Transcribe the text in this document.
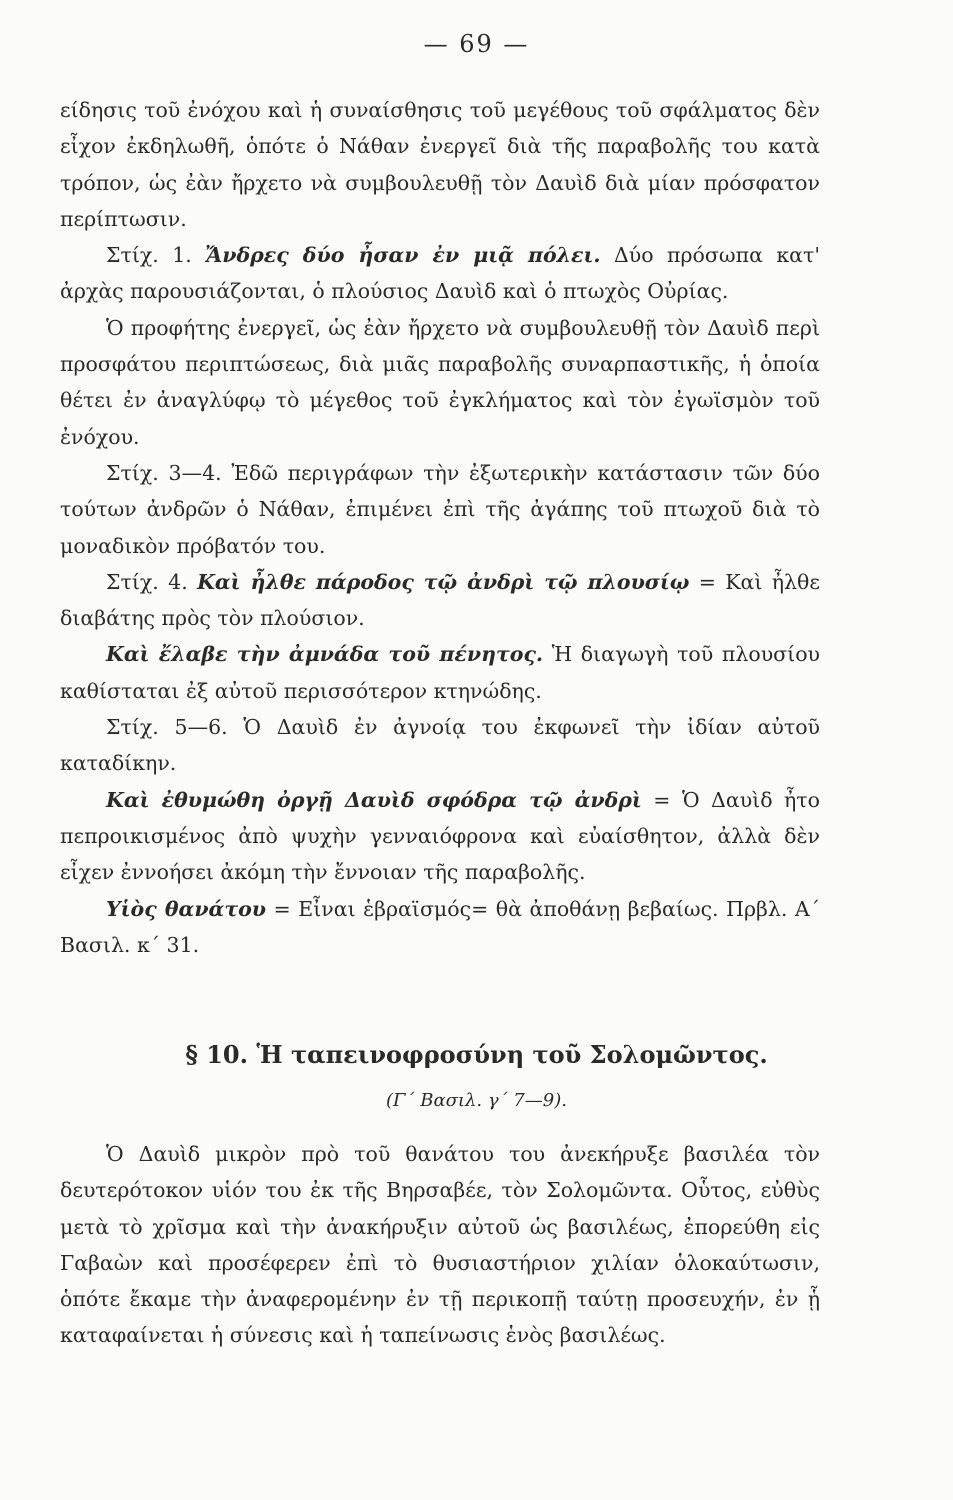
— 69 —

είδησις τοῦ ἐνόχου καὶ ἡ συναίσθησις τοῦ μεγέθους τοῦ σφάλματος δὲν εἶχον ἐκδηλωθῆ, ὁπότε ὁ Νάθαν ἐνεργεῖ διὰ τῆς παραβολῆς του κατὰ τρόπον, ὡς ἐὰν ἤρχετο νὰ συμβουλευθῇ τὸν Δαυὶδ διὰ μίαν πρόσφατον περίπτωσιν.

Στίχ. 1. Ἄνδρες δύο ἦσαν ἐν μιᾷ πόλει. Δύο πρόσωπα κατ' ἀρχὰς παρουσιάζονται, ὁ πλούσιος Δαυὶδ καὶ ὁ πτωχὸς Οὐρίας.

Ὁ προφήτης ἐνεργεῖ, ὡς ἐὰν ἤρχετο νὰ συμβουλευθῇ τὸν Δαυὶδ περὶ προσφάτου περιπτώσεως, διὰ μιᾶς παραβολῆς συναρπαστικῆς, ἡ ὁποία θέτει ἐν ἀναγλύφῳ τὸ μέγεθος τοῦ ἐγκλήματος καὶ τὸν ἐγωϊσμὸν τοῦ ἐνόχου.

Στίχ. 3—4. Ἐδῶ περιγράφων τὴν ἐξωτερικὴν κατάστασιν τῶν δύο τούτων ἀνδρῶν ὁ Νάθαν, ἐπιμένει ἐπὶ τῆς ἀγάπης τοῦ πτωχοῦ διὰ τὸ μοναδικὸν πρόβατόν του.

Στίχ. 4. Καὶ ἦλθε πάροδος τῷ ἀνδρὶ τῷ πλουσίῳ = Καὶ ἦλθε διαβάτης πρὸς τὸν πλούσιον.

Καὶ ἔλαβε τὴν ἀμνάδα τοῦ πένητος. Ἡ διαγωγὴ τοῦ πλουσίου καθίσταται ἐξ αὐτοῦ περισσότερον κτηνώδης.

Στίχ. 5—6. Ὁ Δαυὶδ ἐν ἀγνοίᾳ του ἐκφωνεῖ τὴν ἰδίαν αὐτοῦ καταδίκην.

Καὶ ἐθυμώθη ὀργῇ Δαυὶδ σφόδρα τῷ ἀνδρὶ = Ὁ Δαυὶδ ἦτο πεπροικισμένος ἀπὸ ψυχὴν γενναιόφρονα καὶ εὐαίσθητον, ἀλλὰ δὲν εἶχεν ἐννοήσει ἀκόμη τὴν ἔννοιαν τῆς παραβολῆς.

Υἱὸς θανάτου = Εἶναι ἑβραϊσμός= θὰ ἀποθάνῃ βεβαίως. Πρβλ. Α΄ Βασιλ. κ΄ 31.

§ 10. Ἡ ταπεινοφροσύνη τοῦ Σολομῶντος.
(Γ΄ Βασιλ. γ΄ 7—9).

Ὁ Δαυὶδ μικρὸν πρὸ τοῦ θανάτου του ἀνεκήρυξε βασιλέα τὸν δευτερότοκον υἱόν του ἐκ τῆς Βηρσαβέε, τὸν Σολομῶντα. Οὗτος, εὐθὺς μετὰ τὸ χρῖσμα καὶ τὴν ἀνακήρυξιν αὐτοῦ ὡς βασιλέως, ἐπορεύθη εἰς Γαβαὼν καὶ προσέφερεν ἐπὶ τὸ θυσιαστήριον χιλίαν ὁλοκαύτωσιν, ὁπότε ἔκαμε τὴν ἀναφερομένην ἐν τῇ περικοπῇ ταύτῃ προσευχήν, ἐν ᾗ καταφαίνεται ἡ σύνεσις καὶ ἡ ταπείνωσις ἑνὸς βασιλέως.
